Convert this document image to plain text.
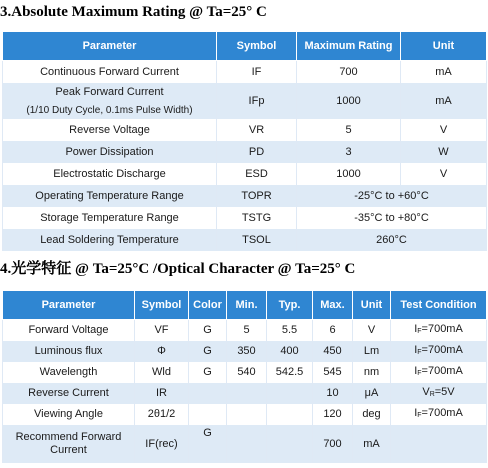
3.Absolute Maximum Rating @ Ta=25° C
Parameter	Symbol	Maximum Rating	Unit
Continuous Forward Current	IF	700	mA
Peak Forward Current
(1/10 Duty Cycle, 0.1ms Pulse Width)	IFp	1000	mA
Reverse Voltage	VR	5	V
Power Dissipation	PD	3	W
Electrostatic Discharge	ESD	1000	V
Operating Temperature Range	TOPR	-25°C to +60°C	
Storage Temperature Range	TSTG	-35°C to +80°C	
Lead Soldering Temperature	TSOL	260°C	
4.光学特征 @ Ta=25°C /Optical Character @ Ta=25° C
Parameter	Symbol	Color	Min.	Typ.	Max.	Unit	Test Condition
Forward Voltage	VF	G	5	5.5	6	V	IF=700mA
Luminous flux	Φ	G	350	400	450	Lm	IF=700mA
Wavelength	Wld	G	540	542.5	545	nm	IF=700mA
Reverse Current	IR				10	μA	VR=5V
Viewing Angle	2θ1/2				120	deg	IF=700mA
Recommend Forward Current	IF(rec)	G			700	mA	
